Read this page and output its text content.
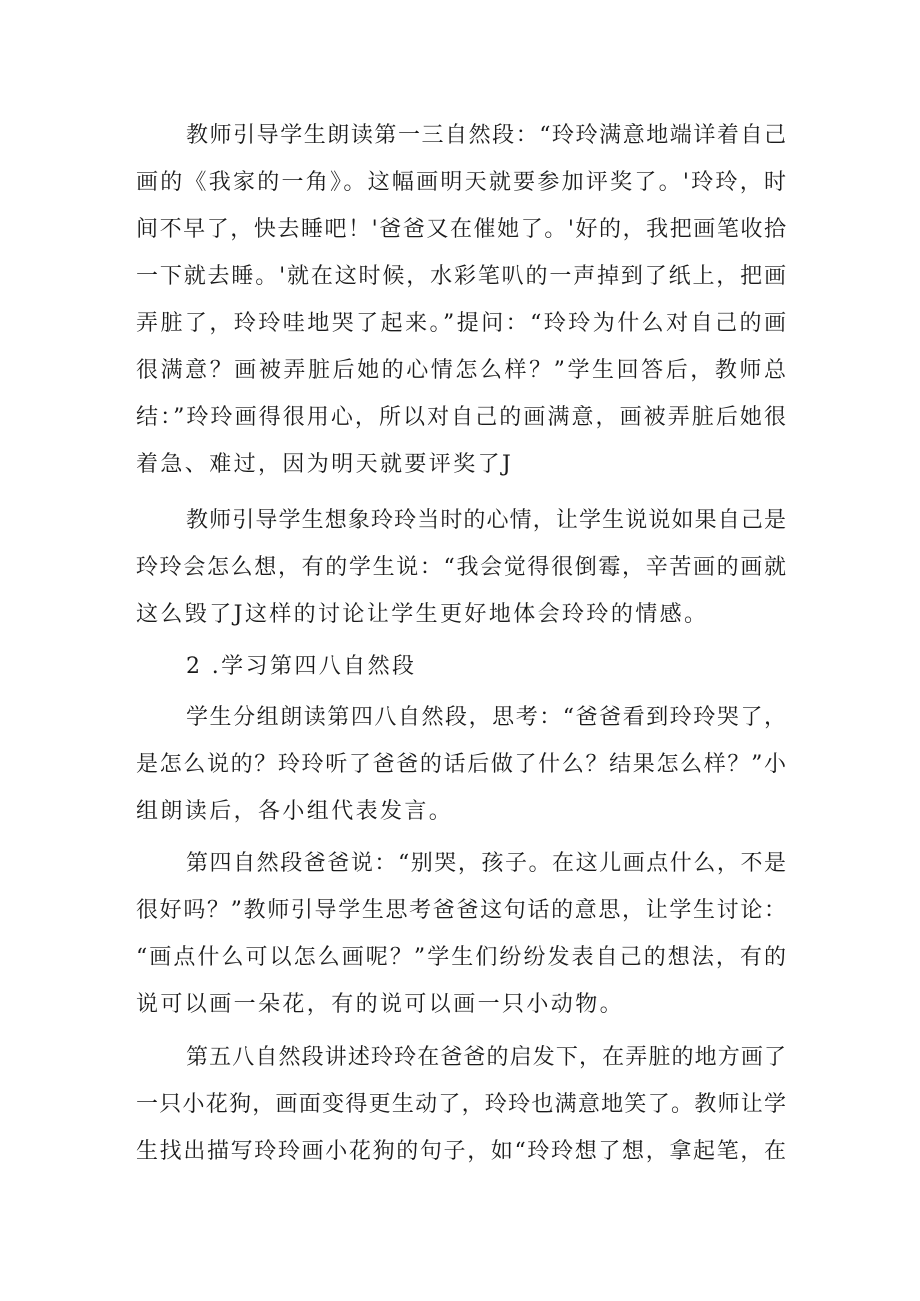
教师引导学生朗读第一三自然段：“玲玲满意地端详着自己
画的《我家的一角》。这幅画明天就要参加评奖了。'玲玲，时
间不早了，快去睡吧！'爸爸又在催她了。'好的，我把画笔收拾
一下就去睡。'就在这时候，水彩笔叭的一声掉到了纸上，把画
弄脏了，玲玲哇地哭了起来。”提问：“玲玲为什么对自己的画
很满意？画被弄脏后她的心情怎么样？”学生回答后，教师总
结：”玲玲画得很用心，所以对自己的画满意，画被弄脏后她很
着急、难过，因为明天就要评奖了J
教师引导学生想象玲玲当时的心情，让学生说说如果自己是
玲玲会怎么想，有的学生说：“我会觉得很倒霉，辛苦画的画就
这么毁了J这样的讨论让学生更好地体会玲玲的情感。
2 .学习第四八自然段
学生分组朗读第四八自然段，思考：“爸爸看到玲玲哭了，
是怎么说的？玲玲听了爸爸的话后做了什么？结果怎么样？”小
组朗读后，各小组代表发言。
第四自然段爸爸说：“别哭，孩子。在这儿画点什么，不是
很好吗？”教师引导学生思考爸爸这句话的意思，让学生讨论：
“画点什么可以怎么画呢？”学生们纷纷发表自己的想法，有的
说可以画一朵花，有的说可以画一只小动物。
第五八自然段讲述玲玲在爸爸的启发下，在弄脏的地方画了
一只小花狗，画面变得更生动了，玲玲也满意地笑了。教师让学
生找出描写玲玲画小花狗的句子，如“玲玲想了想，拿起笔，在
